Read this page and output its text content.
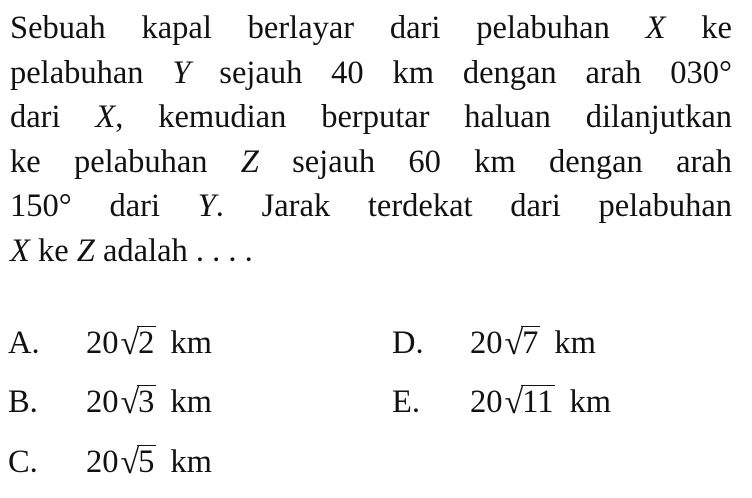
Sebuah kapal berlayar dari pelabuhan X ke
pelabuhan Y sejauh 40 km dengan arah 030°
dari X, kemudian berputar haluan dilanjutkan
ke pelabuhan Z sejauh 60 km dengan arah
150° dari Y. Jarak terdekat dari pelabuhan
X ke Z adalah . . . .
A. 20√2 km
B. 20√3 km
C. 20√5 km
D. 20√7 km
E. 20√11 km
